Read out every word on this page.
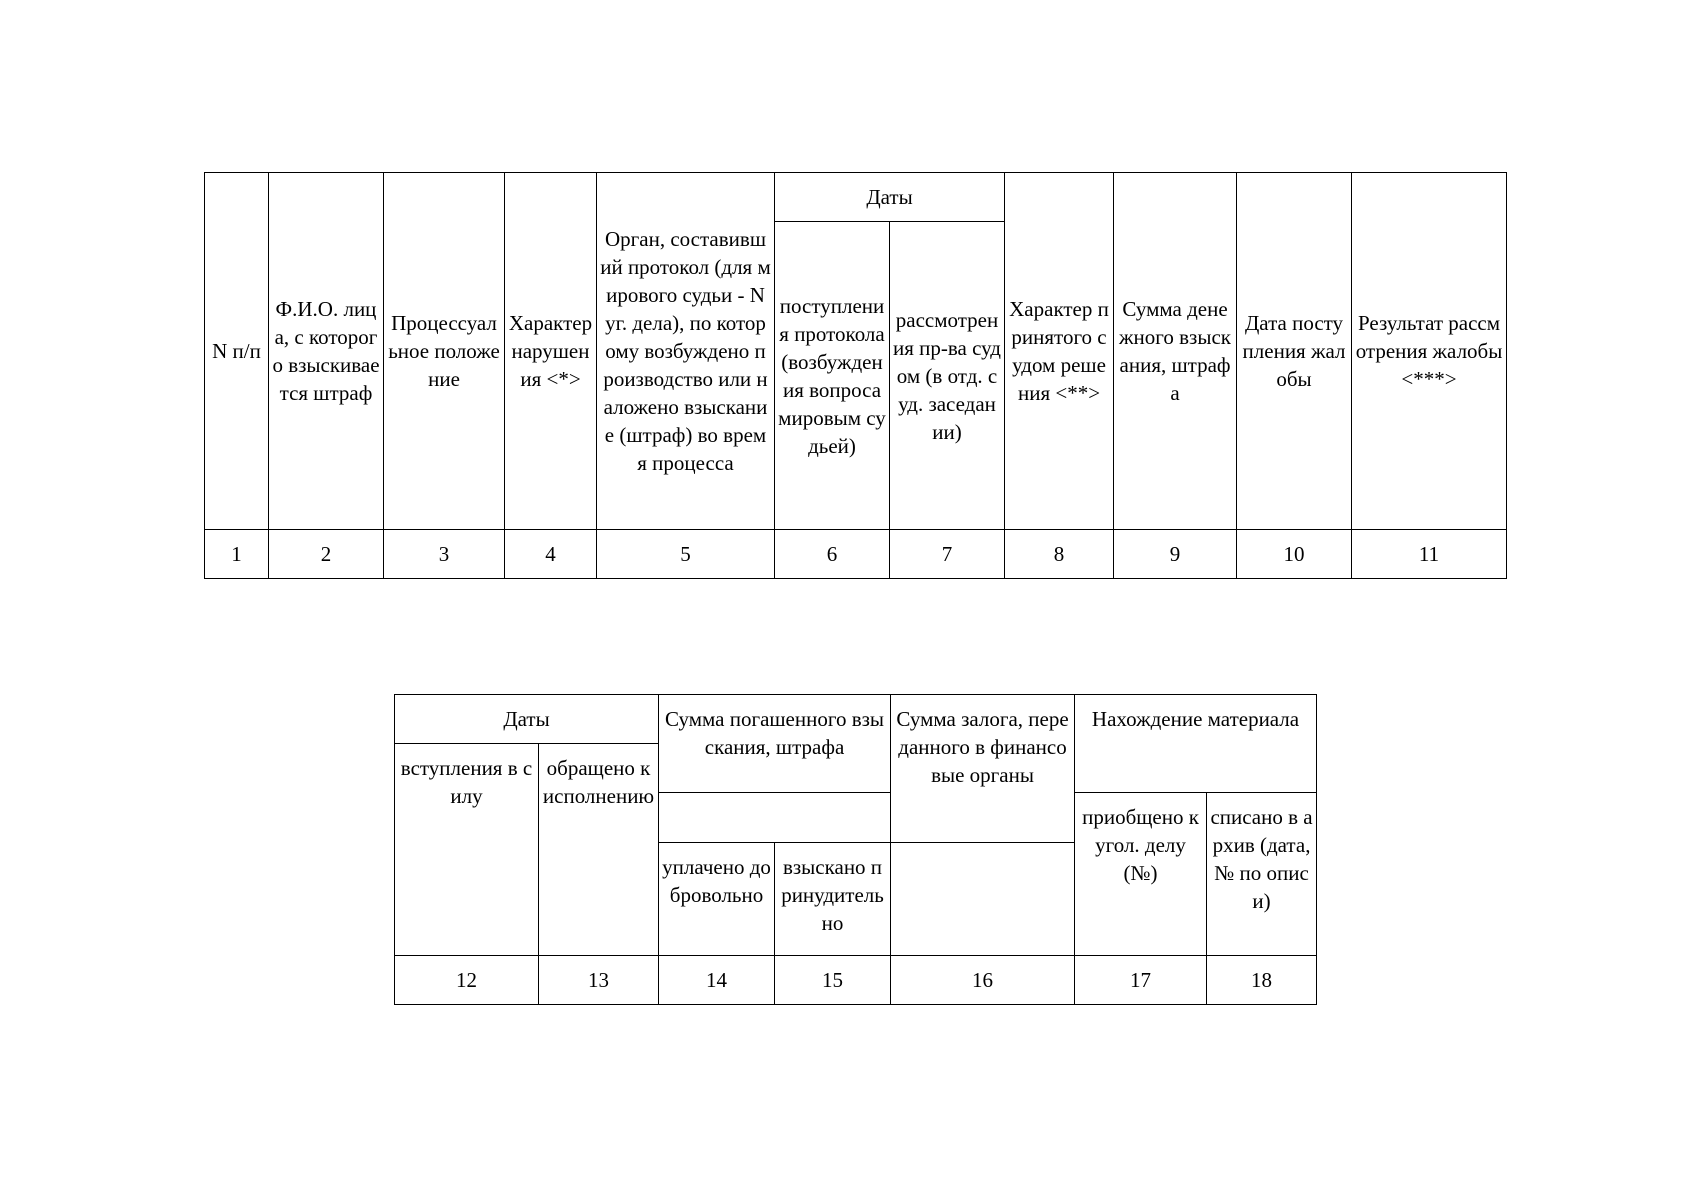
N п/п	Ф.И.О. лица, с которого взыскивается штраф	Процессуальное положение	Характер нарушения <*>	Орган, составивший протокол (для мирового судьи - N уг. дела), по которому возбуждено производство или наложено взыскание (штраф) во время процесса	Даты		Характер принятого судом решения <**>	Сумма денежного взыскания, штрафа	Дата поступления жалобы	Результат рассмотрения жалобы <***>
					поступления протокола (возбуждения вопроса мировым судьей)	рассмотрения пр-ва судом (в отд. суд. заседании)				
1	2	3	4	5	6	7	8	9	10	11
Даты		Сумма погашенного взыскания, штрафа		Сумма залога, переданного в финансовые органы	Нахождение материала	
вступления в силу	обращено к исполнению					
					приобщено к угол. делу (№)	списано в архив (дата, № по описи)
		уплачено добровольно	взыскано принудительно			
12	13	14	15	16	17	18
